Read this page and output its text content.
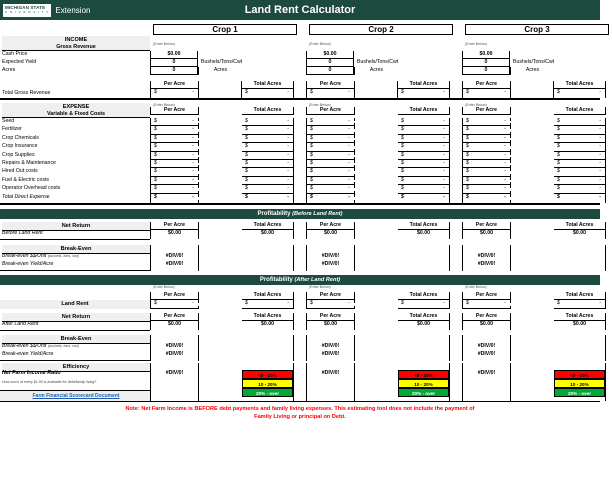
MICHIGAN STATE
U N I V E R S I T Y Extension	Land Rent Calculator
Crop 1	Crop 2	Crop 3
INCOME
Gross Revenue	(Enter Below)	(Enter Below)	(Enter Below)
Cash Price	$0.00	$0.00	$0.00
Expected Yield	0	Bushels/Tons/Cwt	0	Bushels/Tons/Cwt	0	Bushels/Tons/Cwt
Acres	0	Acres	0	Acres	0	Acres
Per Acre	Total Acres	Per Acre	Total Acres	Per Acre	Total Acres
Total Gross Revenue	$	-	$	-	$	-	$	-	$	-	$	-
EXPENSE
Variable & Fixed Costs
(Enter Below)
Per Acre	Total Acres
(Enter Below)
Per Acre	Total Acres
(Enter Below)
Per Acre	Total Acres
Seed	$	-	$	-	$	-	$	-	$	-	$	-
Fertilizer	$	-	$	-	$	-	$	-	$	-	$	-
Crop Chemicals	$	-	$	-	$	-	$	-	$	-	$	-
Crop Insurance	$	-	$	-	$	-	$	-	$	-	$	-
Crop Supplies	$	-	$	-	$	-	$	-	$	-	$	-
Repairs & Maintenance	$	-	$	-	$	-	$	-	$	-	$	-
Hired Out costs	$	-	$	-	$	-	$	-	$	-	$	-
Fuel & Electric costs	$	-	$	-	$	-	$	-	$	-	$	-
Operator Overhead costs	$	-	$	-	$	-	$	-	$	-	$	-
Total Direct Expense	$	-	$	-	$	-	$	-	$	-	$	-
Profitability (Before Land Rent)
Net Return	Per Acre	Total Acres	Per Acre	Total Acres	Per Acre	Total Acres
Before Land Rent	$0.00	$0.00	$0.00	$0.00	$0.00	$0.00
Break-Even
Break-even $$/Unit (bushels, tons, cwt)	#DIV/0!	#DIV/0!	#DIV/0!
Break-even Yield/Acre	#DIV/0!	#DIV/0!	#DIV/0!
Profitability (After Land Rent)
(Enter Below)	(Enter Below)	(Enter Below)
Per Acre	Total Acres	Per Acre	Total Acres	Per Acre	Total Acres
Land Rent	$	-	$	-	$	-	$	-	$	-	$	-
Net Return	Per Acre	Total Acres	Per Acre	Total Acres	Per Acre	Total Acres
After Land Rent	$0.00	$0.00	$0.00	$0.00	$0.00	$0.00
Break-Even
Break-even $$/Unit (bushels, tons, cwt)	#DIV/0!	#DIV/0!	#DIV/0!
Break-even Yield/Acre	#DIV/0!	#DIV/0!	#DIV/0!
Efficiency
Net Farm Income Ratio	#DIV/0!	<0 - 10%
10 - 20%
20% - over
#DIV/0!	<0 - 10%
10 - 20%
20% - over
#DIV/0!	<0 - 10%
10 - 20%
20% - over
How much of every $1.00 is available for debt/family living?
Farm Financial Scorecard Document
Note: Net Farm Income is BEFORE debt payments and family living expenses. This estimating tool does not include the payment of
Family Living or principal on Debt.
